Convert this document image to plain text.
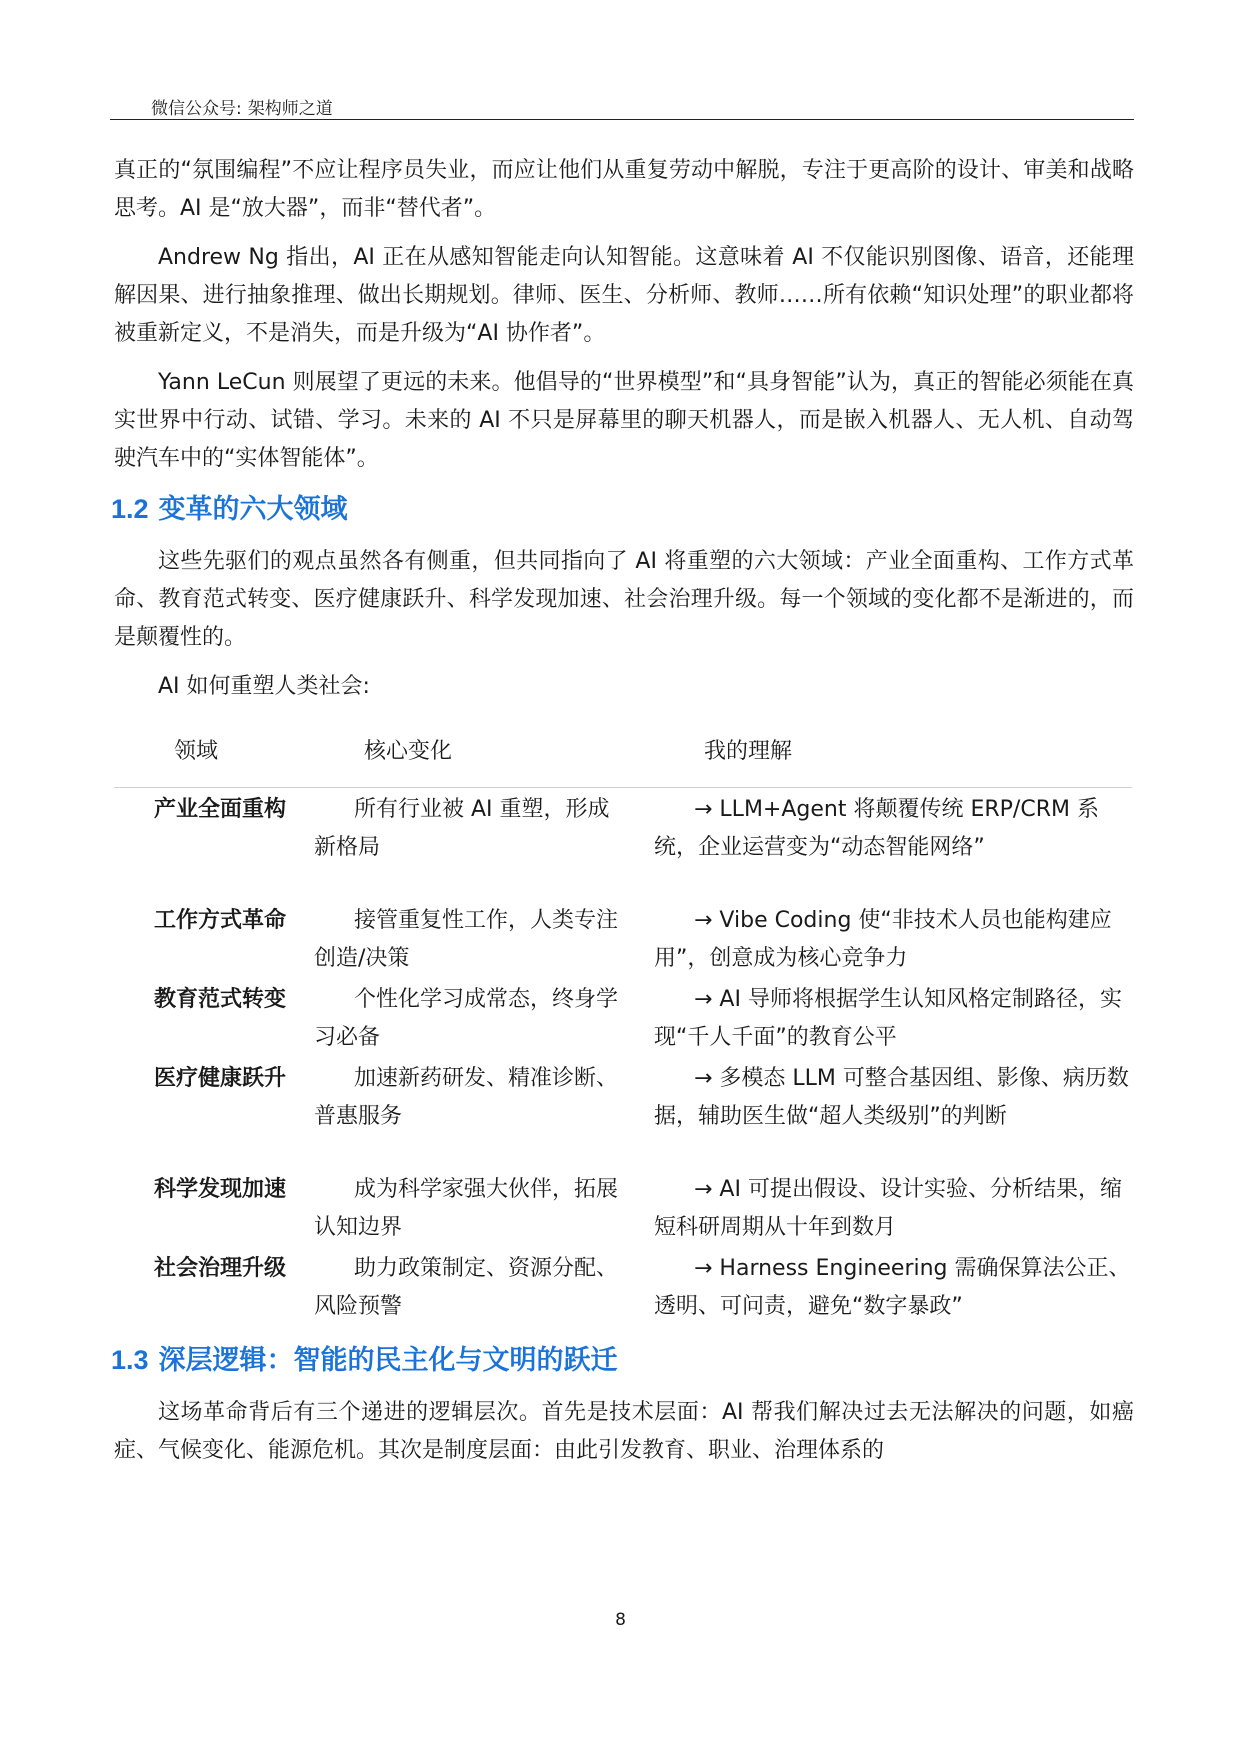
微信公众号: 架构师之道

真正的“氛围编程”不应让程序员失业，而应让他们从重复劳动中解脱，专注于更高阶的设计、审美和战略思考。AI 是“放大器”，而非“替代者”。

Andrew Ng 指出，AI 正在从感知智能走向认知智能。这意味着 AI 不仅能识别图像、语音，还能理解因果、进行抽象推理、做出长期规划。律师、医生、分析师、教师……所有依赖“知识处理”的职业都将被重新定义，不是消失，而是升级为“AI 协作者”。

Yann LeCun 则展望了更远的未来。他倡导的“世界模型”和“具身智能”认为，真正的智能必须能在真实世界中行动、试错、学习。未来的 AI 不只是屏幕里的聊天机器人，而是嵌入机器人、无人机、自动驾驶汽车中的“实体智能体”。

1.2 变革的六大领域

这些先驱们的观点虽然各有侧重，但共同指向了 AI 将重塑的六大领域：产业全面重构、工作方式革命、教育范式转变、医疗健康跃升、科学发现加速、社会治理升级。每一个领域的变化都不是渐进的，而是颠覆性的。

AI 如何重塑人类社会:

领域	核心变化	我的理解
产业全面重构	所有行业被 AI 重塑，形成新格局	→ LLM+Agent 将颠覆传统 ERP/CRM 系统，企业运营变为“动态智能网络”
工作方式革命	接管重复性工作，人类专注创造/决策	→ Vibe Coding 使“非技术人员也能构建应用”，创意成为核心竞争力
教育范式转变	个性化学习成常态，终身学习必备	→ AI 导师将根据学生认知风格定制路径，实现“千人千面”的教育公平
医疗健康跃升	加速新药研发、精准诊断、普惠服务	→ 多模态 LLM 可整合基因组、影像、病历数据，辅助医生做“超人类级别”的判断
科学发现加速	成为科学家强大伙伴，拓展认知边界	→ AI 可提出假设、设计实验、分析结果，缩短科研周期从十年到数月
社会治理升级	助力政策制定、资源分配、风险预警	→ Harness Engineering 需确保算法公正、透明、可问责，避免“数字暴政”
1.3 深层逻辑：智能的民主化与文明的跃迁

这场革命背后有三个递进的逻辑层次。首先是技术层面：AI 帮我们解决过去无法解决的问题，如癌症、气候变化、能源危机。其次是制度层面：由此引发教育、职业、治理体系的

8
